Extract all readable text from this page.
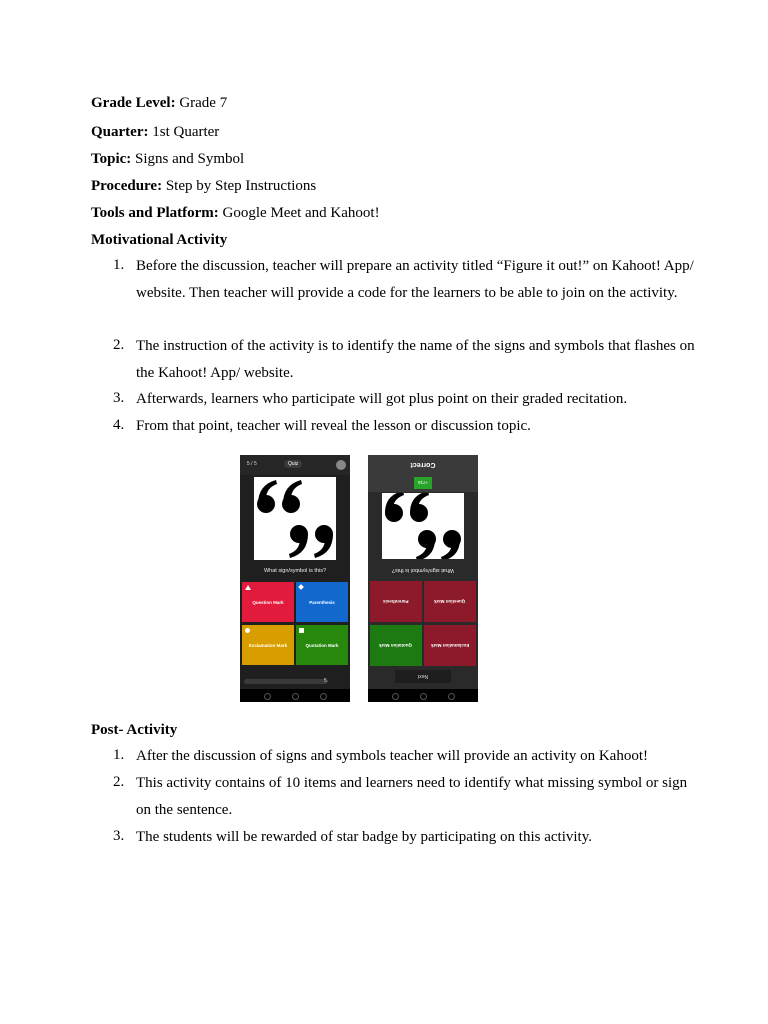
Grade Level: Grade 7
Quarter: 1st Quarter
Topic: Signs and Symbol
Procedure: Step by Step Instructions
Tools and Platform: Google Meet and Kahoot!
Motivational Activity
1. Before the discussion, teacher will prepare an activity titled “Figure it out!” on Kahoot! App/ website. Then teacher will provide a code for the learners to be able to join on the activity.
2. The instruction of the activity is to identify the name of the signs and symbols that flashes on the Kahoot! App/ website.
3. Afterwards, learners who participate will got plus point on their graded recitation.
4. From that point, teacher will reveal the lesson or discussion topic.
5 / 5	Quiz
What sign/symbol is this?
Question Mark	Parenthesis
Exclamation Mark	Quotation Mark
5
Correct
+715
What sign/symbol is this?
Parenthesis	Question Mark
Quotation Mark	Exclamation Mark
Next
Post- Activity
1. After the discussion of signs and symbols teacher will provide an activity on Kahoot!
2. This activity contains of 10 items and learners need to identify what missing symbol or sign on the sentence.
3. The students will be rewarded of star badge by participating on this activity.
